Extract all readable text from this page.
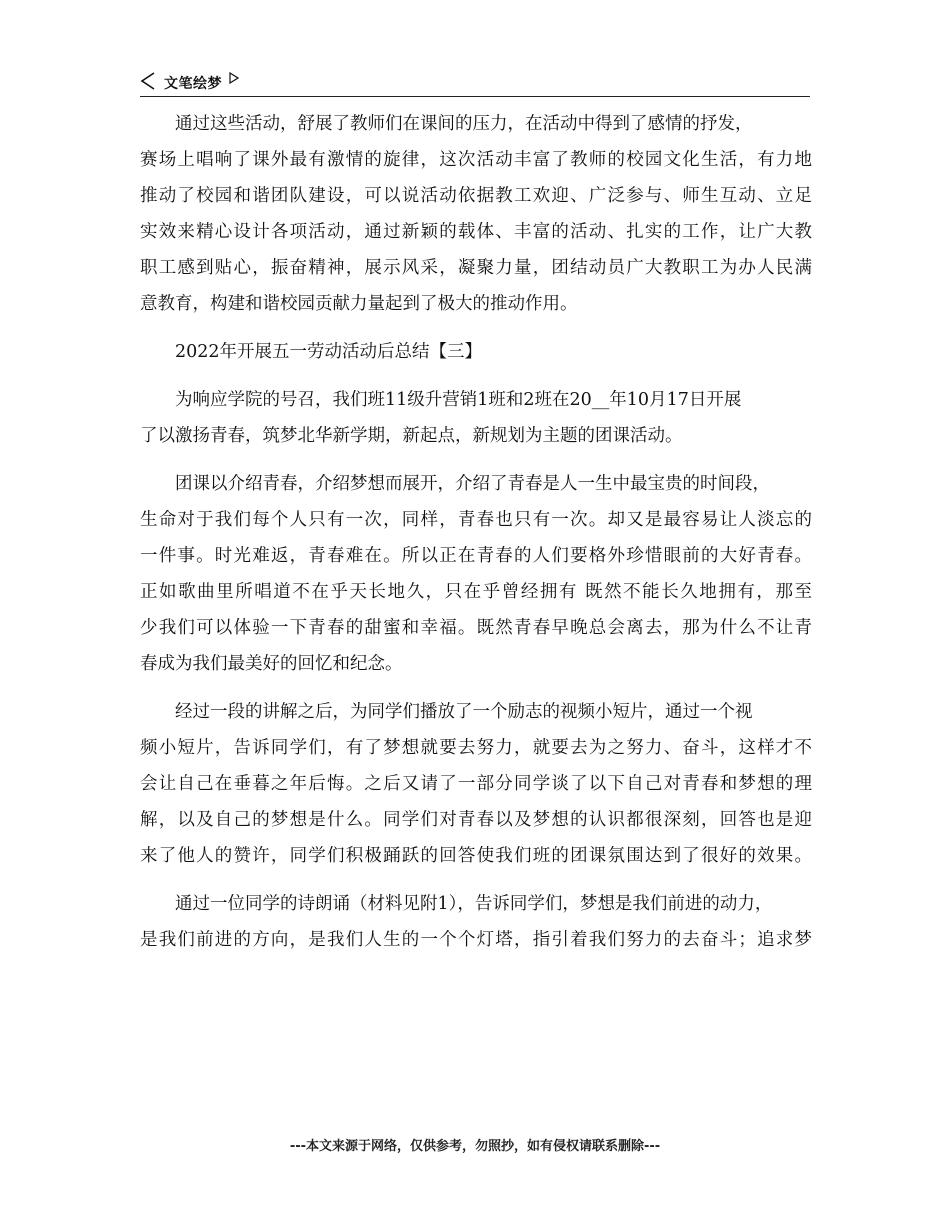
文笔绘梦
通过这些活动，舒展了教师们在课间的压力，在活动中得到了感情的抒发，
赛场上唱响了课外最有激情的旋律，这次活动丰富了教师的校园文化生活，有力地
推动了校园和谐团队建设，可以说活动依据教工欢迎、广泛参与、师生互动、立足
实效来精心设计各项活动，通过新颖的载体、丰富的活动、扎实的工作，让广大教
职工感到贴心，振奋精神，展示风采，凝聚力量，团结动员广大教职工为办人民满
意教育，构建和谐校园贡献力量起到了极大的推动作用。
2022年开展五一劳动活动后总结【三】
为响应学院的号召，我们班11级升营销1班和2班在20__年10月17日开展
了以激扬青春，筑梦北华新学期，新起点，新规划为主题的团课活动。
团课以介绍青春，介绍梦想而展开，介绍了青春是人一生中最宝贵的时间段，
生命对于我们每个人只有一次，同样，青春也只有一次。却又是最容易让人淡忘的
一件事。时光难返，青春难在。所以正在青春的人们要格外珍惜眼前的大好青春。
正如歌曲里所唱道不在乎天长地久，只在乎曾经拥有 既然不能长久地拥有，那至
少我们可以体验一下青春的甜蜜和幸福。既然青春早晚总会离去，那为什么不让青
春成为我们最美好的回忆和纪念。
经过一段的讲解之后，为同学们播放了一个励志的视频小短片，通过一个视
频小短片，告诉同学们，有了梦想就要去努力，就要去为之努力、奋斗，这样才不
会让自己在垂暮之年后悔。之后又请了一部分同学谈了以下自己对青春和梦想的理
解，以及自己的梦想是什么。同学们对青春以及梦想的认识都很深刻，回答也是迎
来了他人的赞许，同学们积极踊跃的回答使我们班的团课氛围达到了很好的效果。
通过一位同学的诗朗诵（材料见附1），告诉同学们，梦想是我们前进的动力，
是我们前进的方向，是我们人生的一个个灯塔，指引着我们努力的去奋斗；追求梦
---本文来源于网络，仅供参考，勿照抄，如有侵权请联系删除---
